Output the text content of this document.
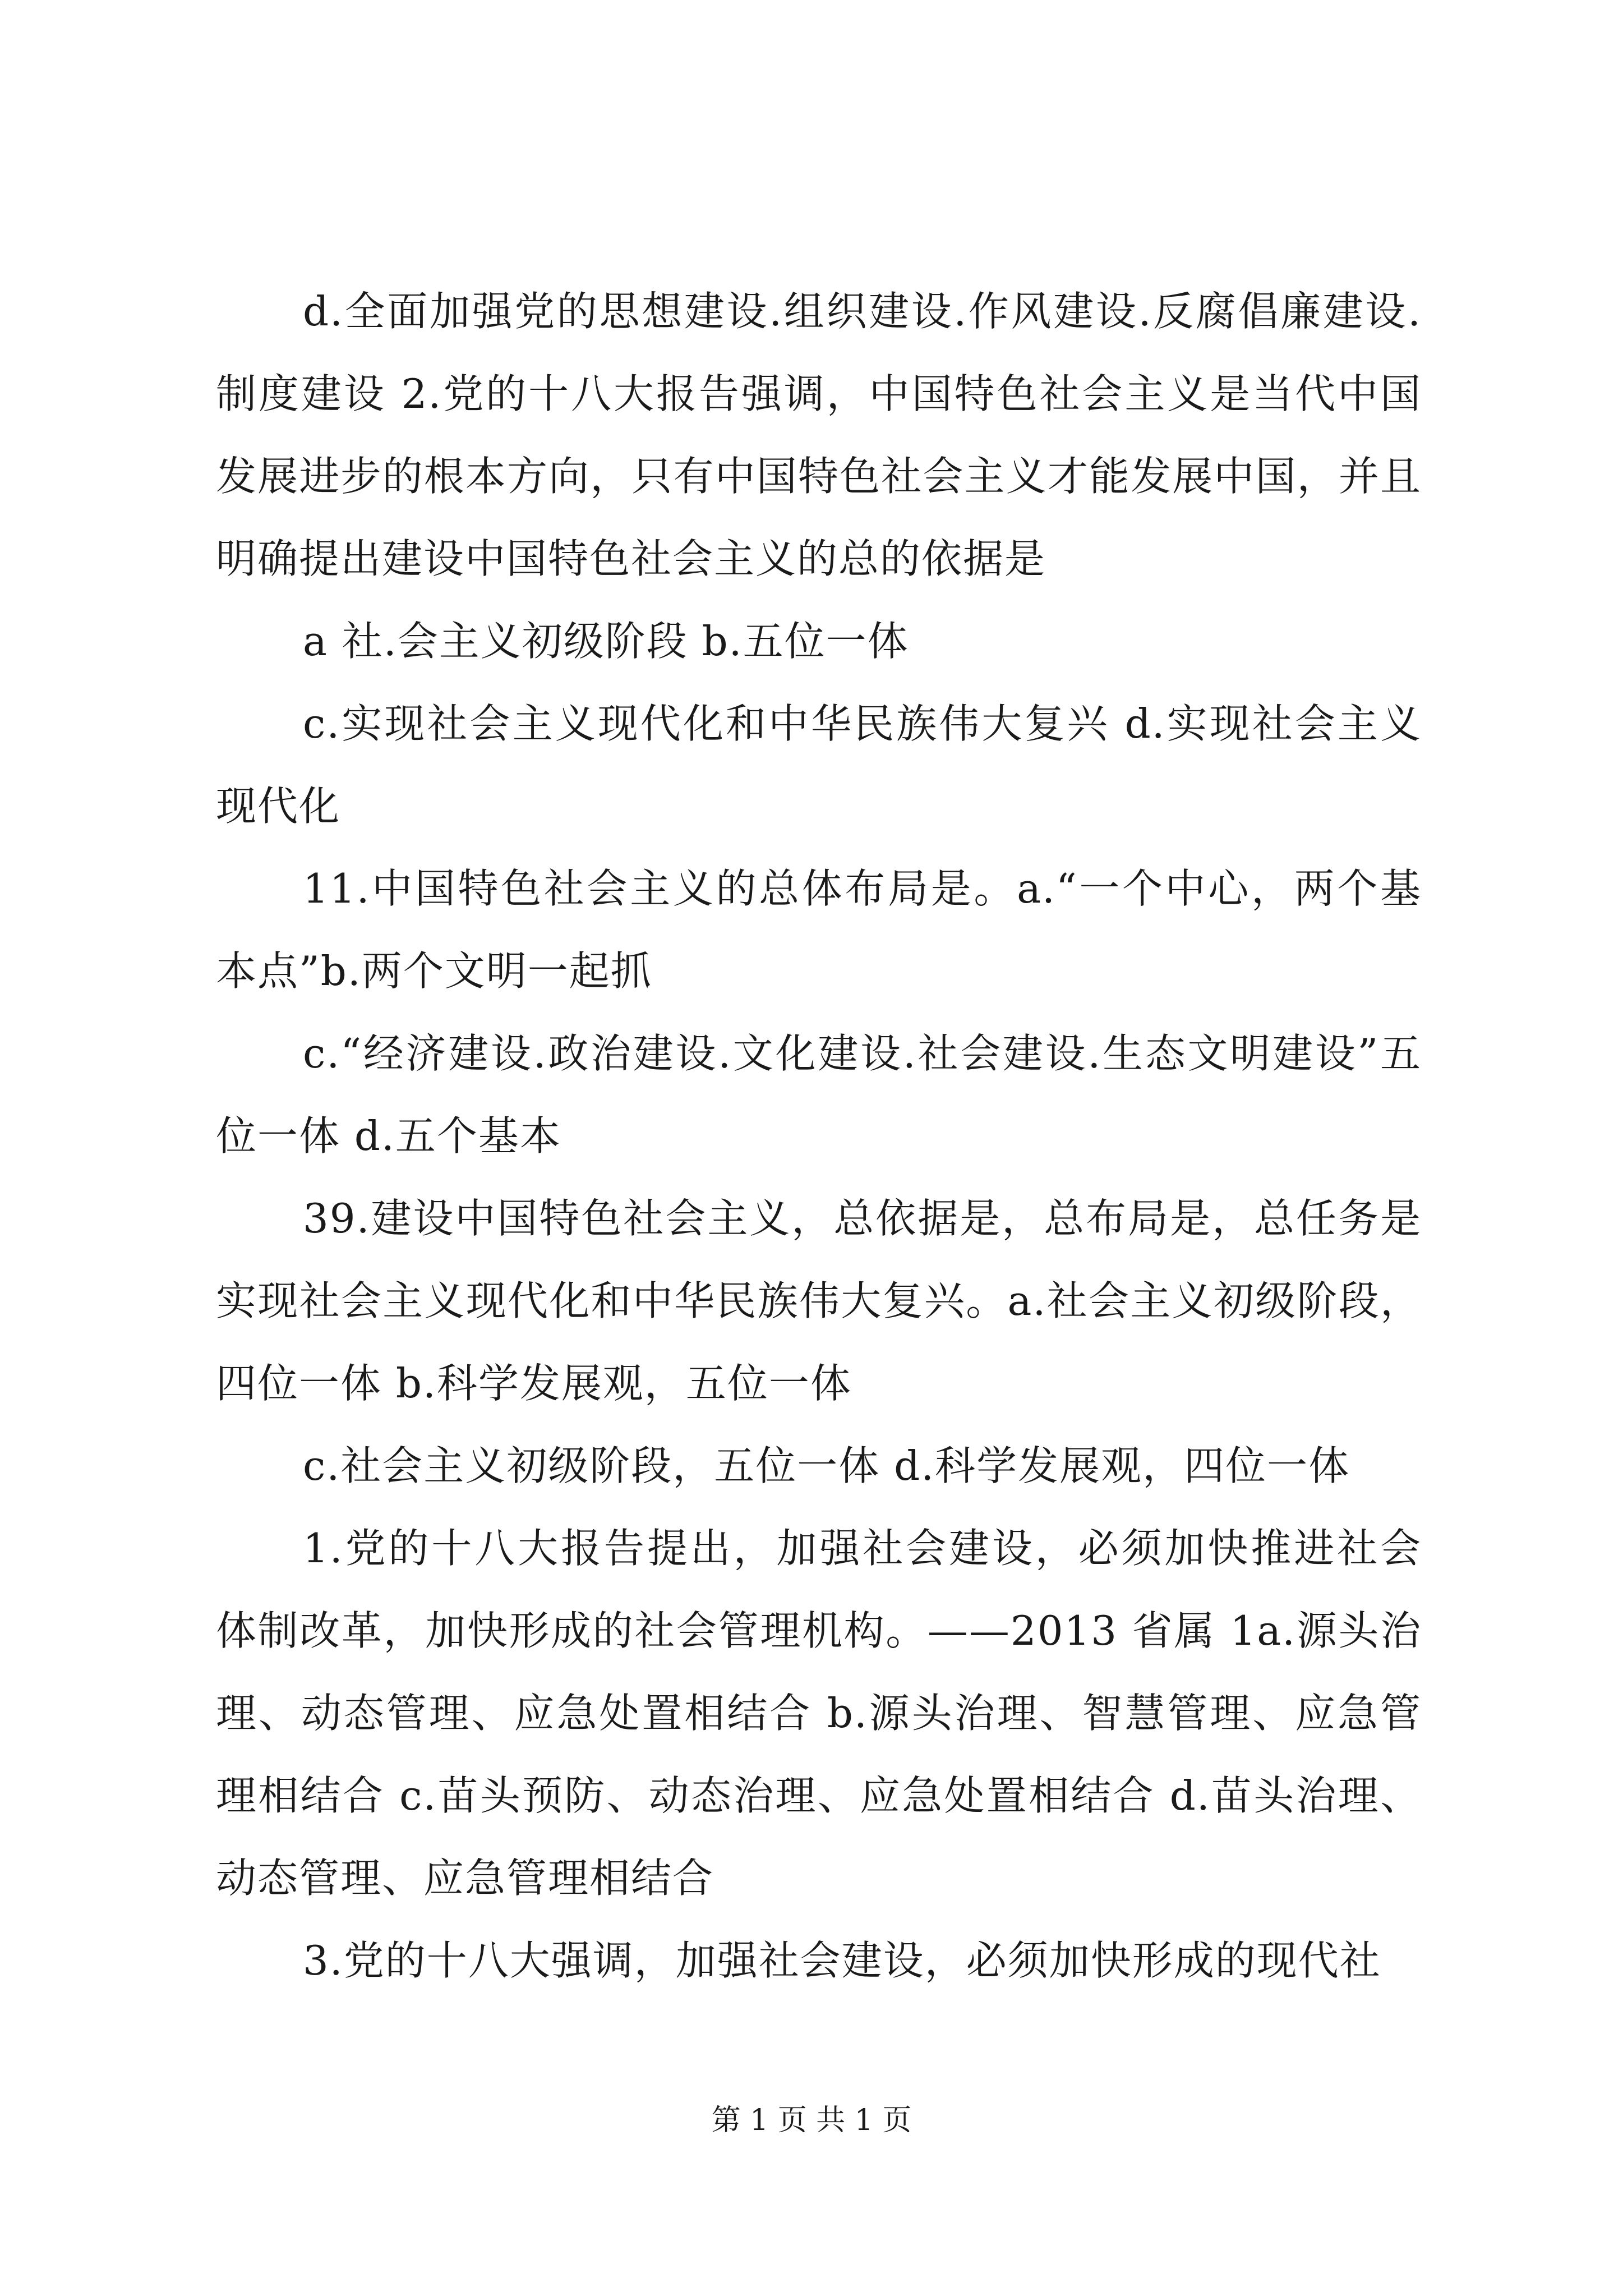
d.全面加强党的思想建设.组织建设.作风建设.反腐倡廉建设.制度建设 2.党的十八大报告强调，中国特色社会主义是当代中国发展进步的根本方向，只有中国特色社会主义才能发展中国，并且明确提出建设中国特色社会主义的总的依据是

a 社.会主义初级阶段 b.五位一体

c.实现社会主义现代化和中华民族伟大复兴 d.实现社会主义现代化

11.中国特色社会主义的总体布局是。a.“一个中心，两个基本点”b.两个文明一起抓

c.“经济建设.政治建设.文化建设.社会建设.生态文明建设”五位一体 d.五个基本

39.建设中国特色社会主义，总依据是，总布局是，总任务是实现社会主义现代化和中华民族伟大复兴。a.社会主义初级阶段，四位一体 b.科学发展观，五位一体

c.社会主义初级阶段，五位一体 d.科学发展观，四位一体

1.党的十八大报告提出，加强社会建设，必须加快推进社会体制改革，加快形成的社会管理机构。——2013 省属 1a.源头治理、动态管理、应急处置相结合 b.源头治理、智慧管理、应急管理相结合 c.苗头预防、动态治理、应急处置相结合 d.苗头治理、动态管理、应急管理相结合

3.党的十八大强调，加强社会建设，必须加快形成的现代社

第 1 页 共 1 页
